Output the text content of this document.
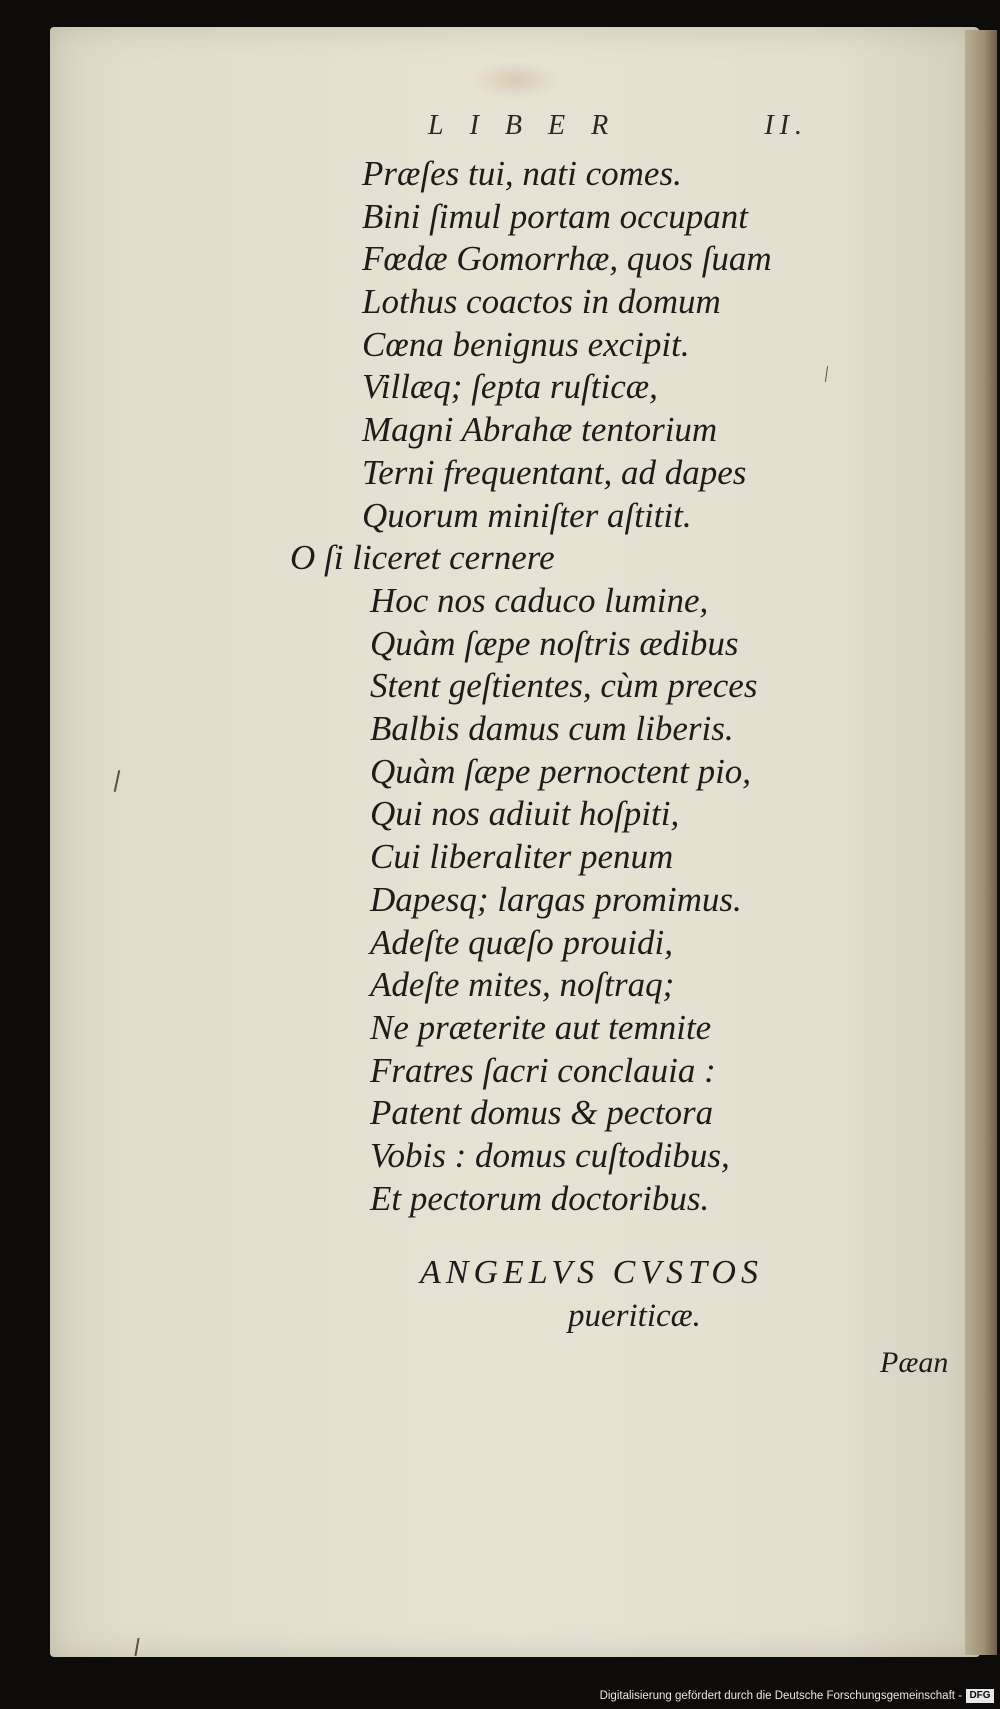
LIBER	II.
Præſes tui, nati comes.
Bini ſimul portam occupant
Fœdæ Gomorrhæ, quos ſuam
Lothus coactos in domum
Cœna benignus excipit.
Villæq; ſepta ruſticæ,
Magni Abrahæ tentorium
Terni frequentant, ad dapes
Quorum miniſter aſtitit.
O ſi liceret cernere
Hoc nos caduco lumine,
Quàm ſæpe noſtris ædibus
Stent geſtientes, cùm preces
Balbis damus cum liberis.
Quàm ſæpe pernoctent pio,
Qui nos adiuit hoſpiti,
Cui liberaliter penum
Dapesq; largas promimus.
Adeſte quæſo prouidi,
Adeſte mites, noſtraq;
Ne præterite aut temnite
Fratres ſacri conclauia :
Patent domus & pectora
Vobis : domus cuſtodibus,
Et pectorum doctoribus.
ANGELVS CVSTOS
pueriticæ.
Pæan
Digitalisierung gefördert durch die Deutsche Forschungsgemeinschaft - DFG
